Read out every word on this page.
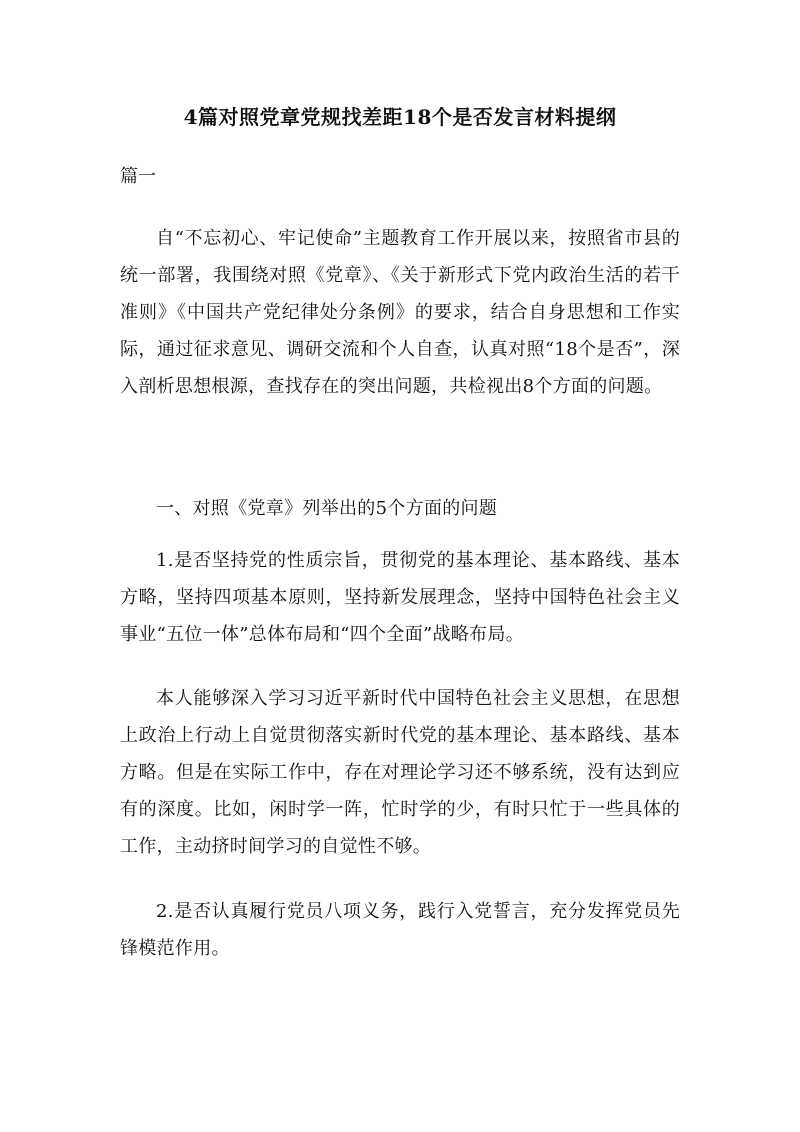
4篇对照党章党规找差距18个是否发言材料提纲
篇一
自“不忘初心、牢记使命”主题教育工作开展以来，按照省市县的统一部署，我围绕对照《党章》、《关于新形式下党内政治生活的若干准则》《中国共产党纪律处分条例》的要求，结合自身思想和工作实际，通过征求意见、调研交流和个人自查，认真对照“18个是否”，深入剖析思想根源，查找存在的突出问题，共检视出8个方面的问题。
一、对照《党章》列举出的5个方面的问题
1.是否坚持党的性质宗旨，贯彻党的基本理论、基本路线、基本方略，坚持四项基本原则，坚持新发展理念，坚持中国特色社会主义事业“五位一体”总体布局和“四个全面”战略布局。
本人能够深入学习习近平新时代中国特色社会主义思想，在思想上政治上行动上自觉贯彻落实新时代党的基本理论、基本路线、基本方略。但是在实际工作中，存在对理论学习还不够系统，没有达到应有的深度。比如，闲时学一阵，忙时学的少，有时只忙于一些具体的工作，主动挤时间学习的自觉性不够。
2.是否认真履行党员八项义务，践行入党誓言，充分发挥党员先锋模范作用。
